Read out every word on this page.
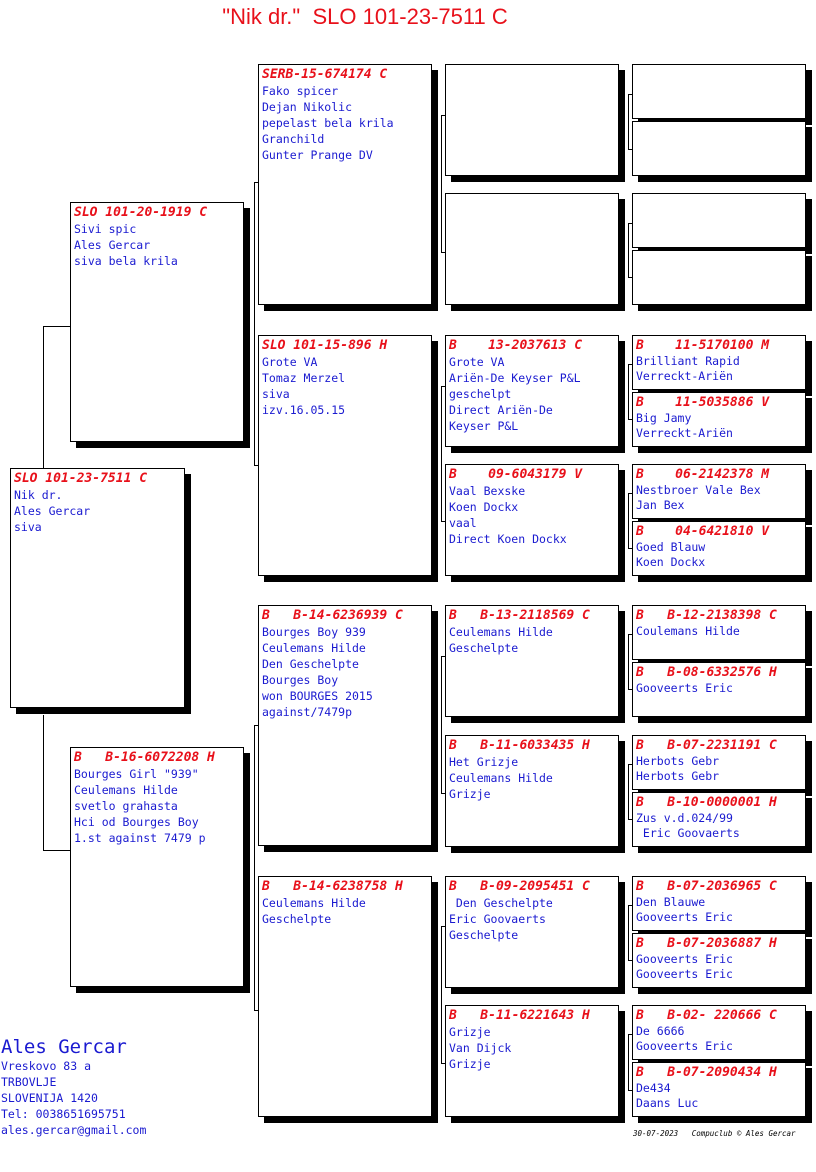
"Nik dr."  SLO 101-23-7511 C
SLO 101-23-7511 C
Nik dr.
Ales Gercar
siva
SLO 101-20-1919 C
Sivi spic
Ales Gercar
siva bela krila
B   B-16-6072208 H
Bourges Girl "939"
Ceulemans Hilde
svetlo grahasta
Hci od Bourges Boy
1.st against 7479 p
SERB-15-674174 C
Fako spicer
Dejan Nikolic
pepelast bela krila
Granchild
Gunter Prange DV
SLO 101-15-896 H
Grote VA
Tomaz Merzel
siva
izv.16.05.15
B   B-14-6236939 C
Bourges Boy 939
Ceulemans Hilde
Den Geschelpte
Bourges Boy
won BOURGES 2015
against/7479p
B   B-14-6238758 H
Ceulemans Hilde
Geschelpte
B    13-2037613 C
Grote VA
Ariën-De Keyser P&L
geschelpt
Direct Ariën-De
Keyser P&L
B    09-6043179 V
Vaal Bexske
Koen Dockx
vaal
Direct Koen Dockx
B   B-13-2118569 C
Ceulemans Hilde
Geschelpte
B   B-11-6033435 H
Het Grizje
Ceulemans Hilde
Grizje
B   B-09-2095451 C
Den Geschelpte
Eric Goovaerts
Geschelpte
B   B-11-6221643 H
Grizje
Van Dijck
Grizje
B    11-5170100 M
Brilliant Rapid
Verreckt-Ariën
B    11-5035886 V
Big Jamy
Verreckt-Ariën
B    06-2142378 M
Nestbroer Vale Bex
Jan Bex
B    04-6421810 V
Goed Blauw
Koen Dockx
B   B-12-2138398 C
Coulemans Hilde
B   B-08-6332576 H
Gooveerts Eric
B   B-07-2231191 C
Herbots Gebr
Herbots Gebr
B   B-10-0000001 H
Zus v.d.024/99
Eric Goovaerts
B   B-07-2036965 C
Den Blauwe
Gooveerts Eric
B   B-07-2036887 H
Gooveerts Eric
Gooveerts Eric
B   B-02- 220666 C
De 6666
Gooveerts Eric
B   B-07-2090434 H
De434
Daans Luc
Ales Gercar
Vreskovo 83 a
TRBOVLJE
SLOVENIJA 1420
Tel: 0038651695751
ales.gercar@gmail.com	30-07-2023   Compuclub © Ales Gercar
